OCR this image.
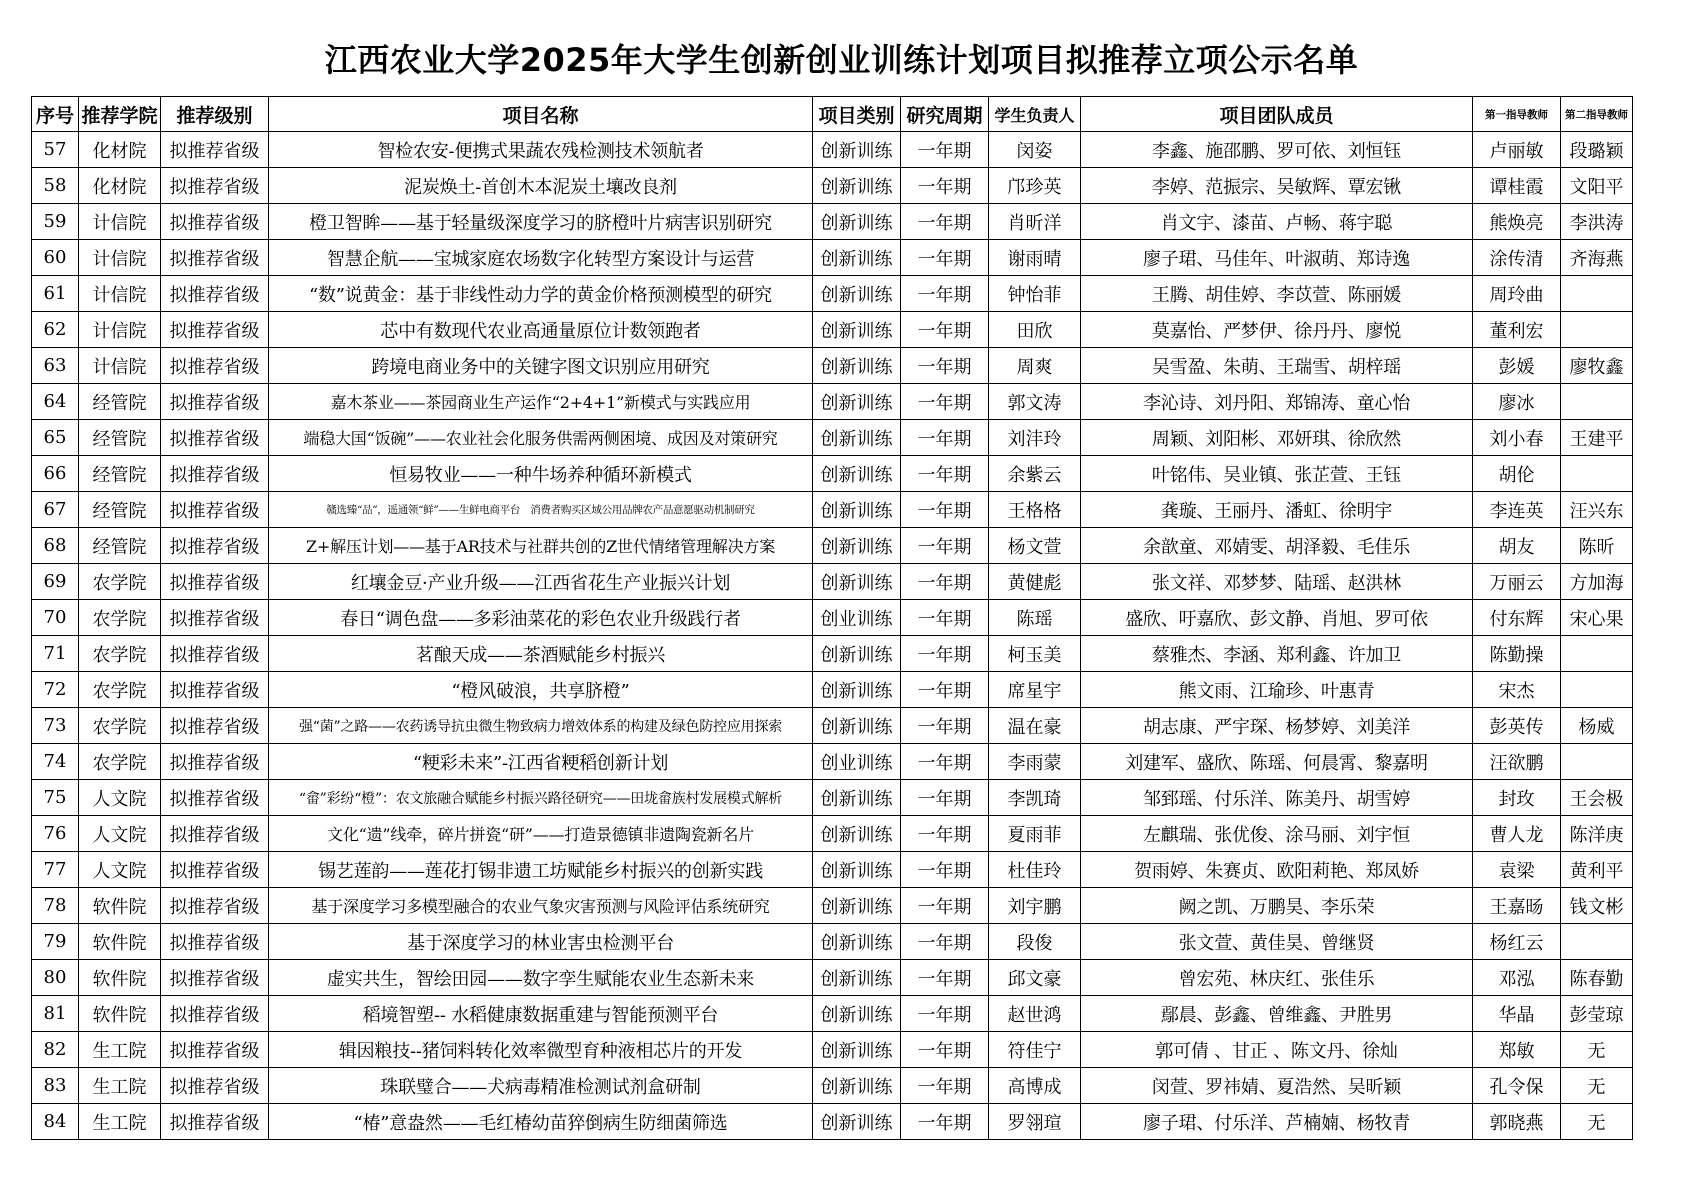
江西农业大学2025年大学生创新创业训练计划项目拟推荐立项公示名单
序号	推荐学院	推荐级别	项目名称	项目类别	研究周期	学生负责人	项目团队成员	第一指导教师	第二指导教师
57	化材院	拟推荐省级	智检农安-便携式果蔬农残检测技术领航者	创新训练	一年期	闵姿	李鑫、施邵鹏、罗可依、刘恒钰	卢丽敏	段璐颖
58	化材院	拟推荐省级	泥炭焕土-首创木本泥炭土壤改良剂	创新训练	一年期	邝珍英	李婷、范振宗、吴敏辉、覃宏锹	谭桂霞	文阳平
59	计信院	拟推荐省级	橙卫智眸——基于轻量级深度学习的脐橙叶片病害识别研究	创新训练	一年期	肖昕洋	肖文宇、漆苗、卢畅、蒋宇聪	熊焕亮	李洪涛
60	计信院	拟推荐省级	智慧企航——宝城家庭农场数字化转型方案设计与运营	创新训练	一年期	谢雨晴	廖子珺、马佳年、叶淑萌、郑诗逸	涂传清	齐海燕
61	计信院	拟推荐省级	“数”说黄金：基于非线性动力学的黄金价格预测模型的研究	创新训练	一年期	钟怡菲	王腾、胡佳婷、李苡萱、陈丽媛	周玲曲	
62	计信院	拟推荐省级	芯中有数现代农业高通量原位计数领跑者	创新训练	一年期	田欣	莫嘉怡、严梦伊、徐丹丹、廖悦	董利宏	
63	计信院	拟推荐省级	跨境电商业务中的关键字图文识别应用研究	创新训练	一年期	周爽	吴雪盈、朱萌、王瑞雪、胡梓瑶	彭媛	廖牧鑫
64	经管院	拟推荐省级	嘉木茶业——茶园商业生产运作“2+4+1”新模式与实践应用	创新训练	一年期	郭文涛	李沁诗、刘丹阳、郑锦涛、童心怡	廖冰	
65	经管院	拟推荐省级	端稳大国“饭碗”——农业社会化服务供需两侧困境、成因及对策研究	创新训练	一年期	刘沣玲	周颖、刘阳彬、邓妍琪、徐欣然	刘小春	王建平
66	经管院	拟推荐省级	恒易牧业——一种牛场养种循环新模式	创新训练	一年期	余紫云	叶铭伟、吴业镇、张芷萱、王钰	胡伦	
67	经管院	拟推荐省级	赣选臻“品”，遥通领“鲜”——生鲜电商平台　消费者购买区域公用品牌农产品意愿驱动机制研究	创新训练	一年期	王格格	龚璇、王丽丹、潘虹、徐明宇	李连英	汪兴东
68	经管院	拟推荐省级	Z+解压计划——基于AR技术与社群共创的Z世代情绪管理解决方案	创新训练	一年期	杨文萱	余歆童、邓婧雯、胡泽毅、毛佳乐	胡友	陈昕
69	农学院	拟推荐省级	红壤金豆·产业升级——江西省花生产业振兴计划	创新训练	一年期	黄健彪	张文祥、邓梦梦、陆瑶、赵洪林	万丽云	方加海
70	农学院	拟推荐省级	春日“调色盘——多彩油菜花的彩色农业升级践行者	创业训练	一年期	陈瑶	盛欣、吁嘉欣、彭文静、肖旭、罗可依	付东辉	宋心果
71	农学院	拟推荐省级	茗酿天成——茶酒赋能乡村振兴	创新训练	一年期	柯玉美	蔡雅杰、李涵、郑利鑫、许加卫	陈勤操	
72	农学院	拟推荐省级	“橙风破浪，共享脐橙”	创新训练	一年期	席星宇	熊文雨、江瑜珍、叶惠青	宋杰	
73	农学院	拟推荐省级	强“菌”之路——农药诱导抗虫微生物致病力增效体系的构建及绿色防控应用探索	创新训练	一年期	温在豪	胡志康、严宇琛、杨梦婷、刘美洋	彭英传	杨威
74	农学院	拟推荐省级	“粳彩未来”-江西省粳稻创新计划	创业训练	一年期	李雨蒙	刘建军、盛欣、陈瑶、何晨霄、黎嘉明	汪欲鹏	
75	人文院	拟推荐省级	“畲”彩纷“橙”：农文旅融合赋能乡村振兴路径研究——田垅畲族村发展模式解析	创新训练	一年期	李凯琦	邹郅瑶、付乐洋、陈美丹、胡雪婷	封玫	王会极
76	人文院	拟推荐省级	文化“遗”线牵，碎片拼瓷“研”——打造景德镇非遗陶瓷新名片	创新训练	一年期	夏雨菲	左麒瑞、张优俊、涂马丽、刘宇恒	曹人龙	陈洋庚
77	人文院	拟推荐省级	锡艺莲韵——莲花打锡非遗工坊赋能乡村振兴的创新实践	创新训练	一年期	杜佳玲	贺雨婷、朱赛贞、欧阳莉艳、郑凤娇	袁梁	黄利平
78	软件院	拟推荐省级	基于深度学习多模型融合的农业气象灾害预测与风险评估系统研究	创新训练	一年期	刘宇鹏	阙之凯、万鹏昊、李乐荣	王嘉旸	钱文彬
79	软件院	拟推荐省级	基于深度学习的林业害虫检测平台	创新训练	一年期	段俊	张文萱、黄佳昊、曾继贤	杨红云	
80	软件院	拟推荐省级	虚实共生，智绘田园——数字孪生赋能农业生态新未来	创新训练	一年期	邱文豪	曾宏苑、林庆红、张佳乐	邓泓	陈春勤
81	软件院	拟推荐省级	稻境智塑-- 水稻健康数据重建与智能预测平台	创新训练	一年期	赵世鸿	鄢晨、彭鑫、曾维鑫、尹胜男	华晶	彭莹琼
82	生工院	拟推荐省级	辑因粮技--猪饲料转化效率微型育种液相芯片的开发	创新训练	一年期	符佳宁	郭可倩 、甘正 、陈文丹、徐灿	郑敏	无
83	生工院	拟推荐省级	珠联璧合——犬病毒精准检测试剂盒研制	创新训练	一年期	高博成	闵萱、罗祎婧、夏浩然、吴昕颖	孔令保	无
84	生工院	拟推荐省级	“椿”意盎然——毛红椿幼苗猝倒病生防细菌筛选	创新训练	一年期	罗翎瑄	廖子珺、付乐洋、芦楠婻、杨牧青	郭晓燕	无
